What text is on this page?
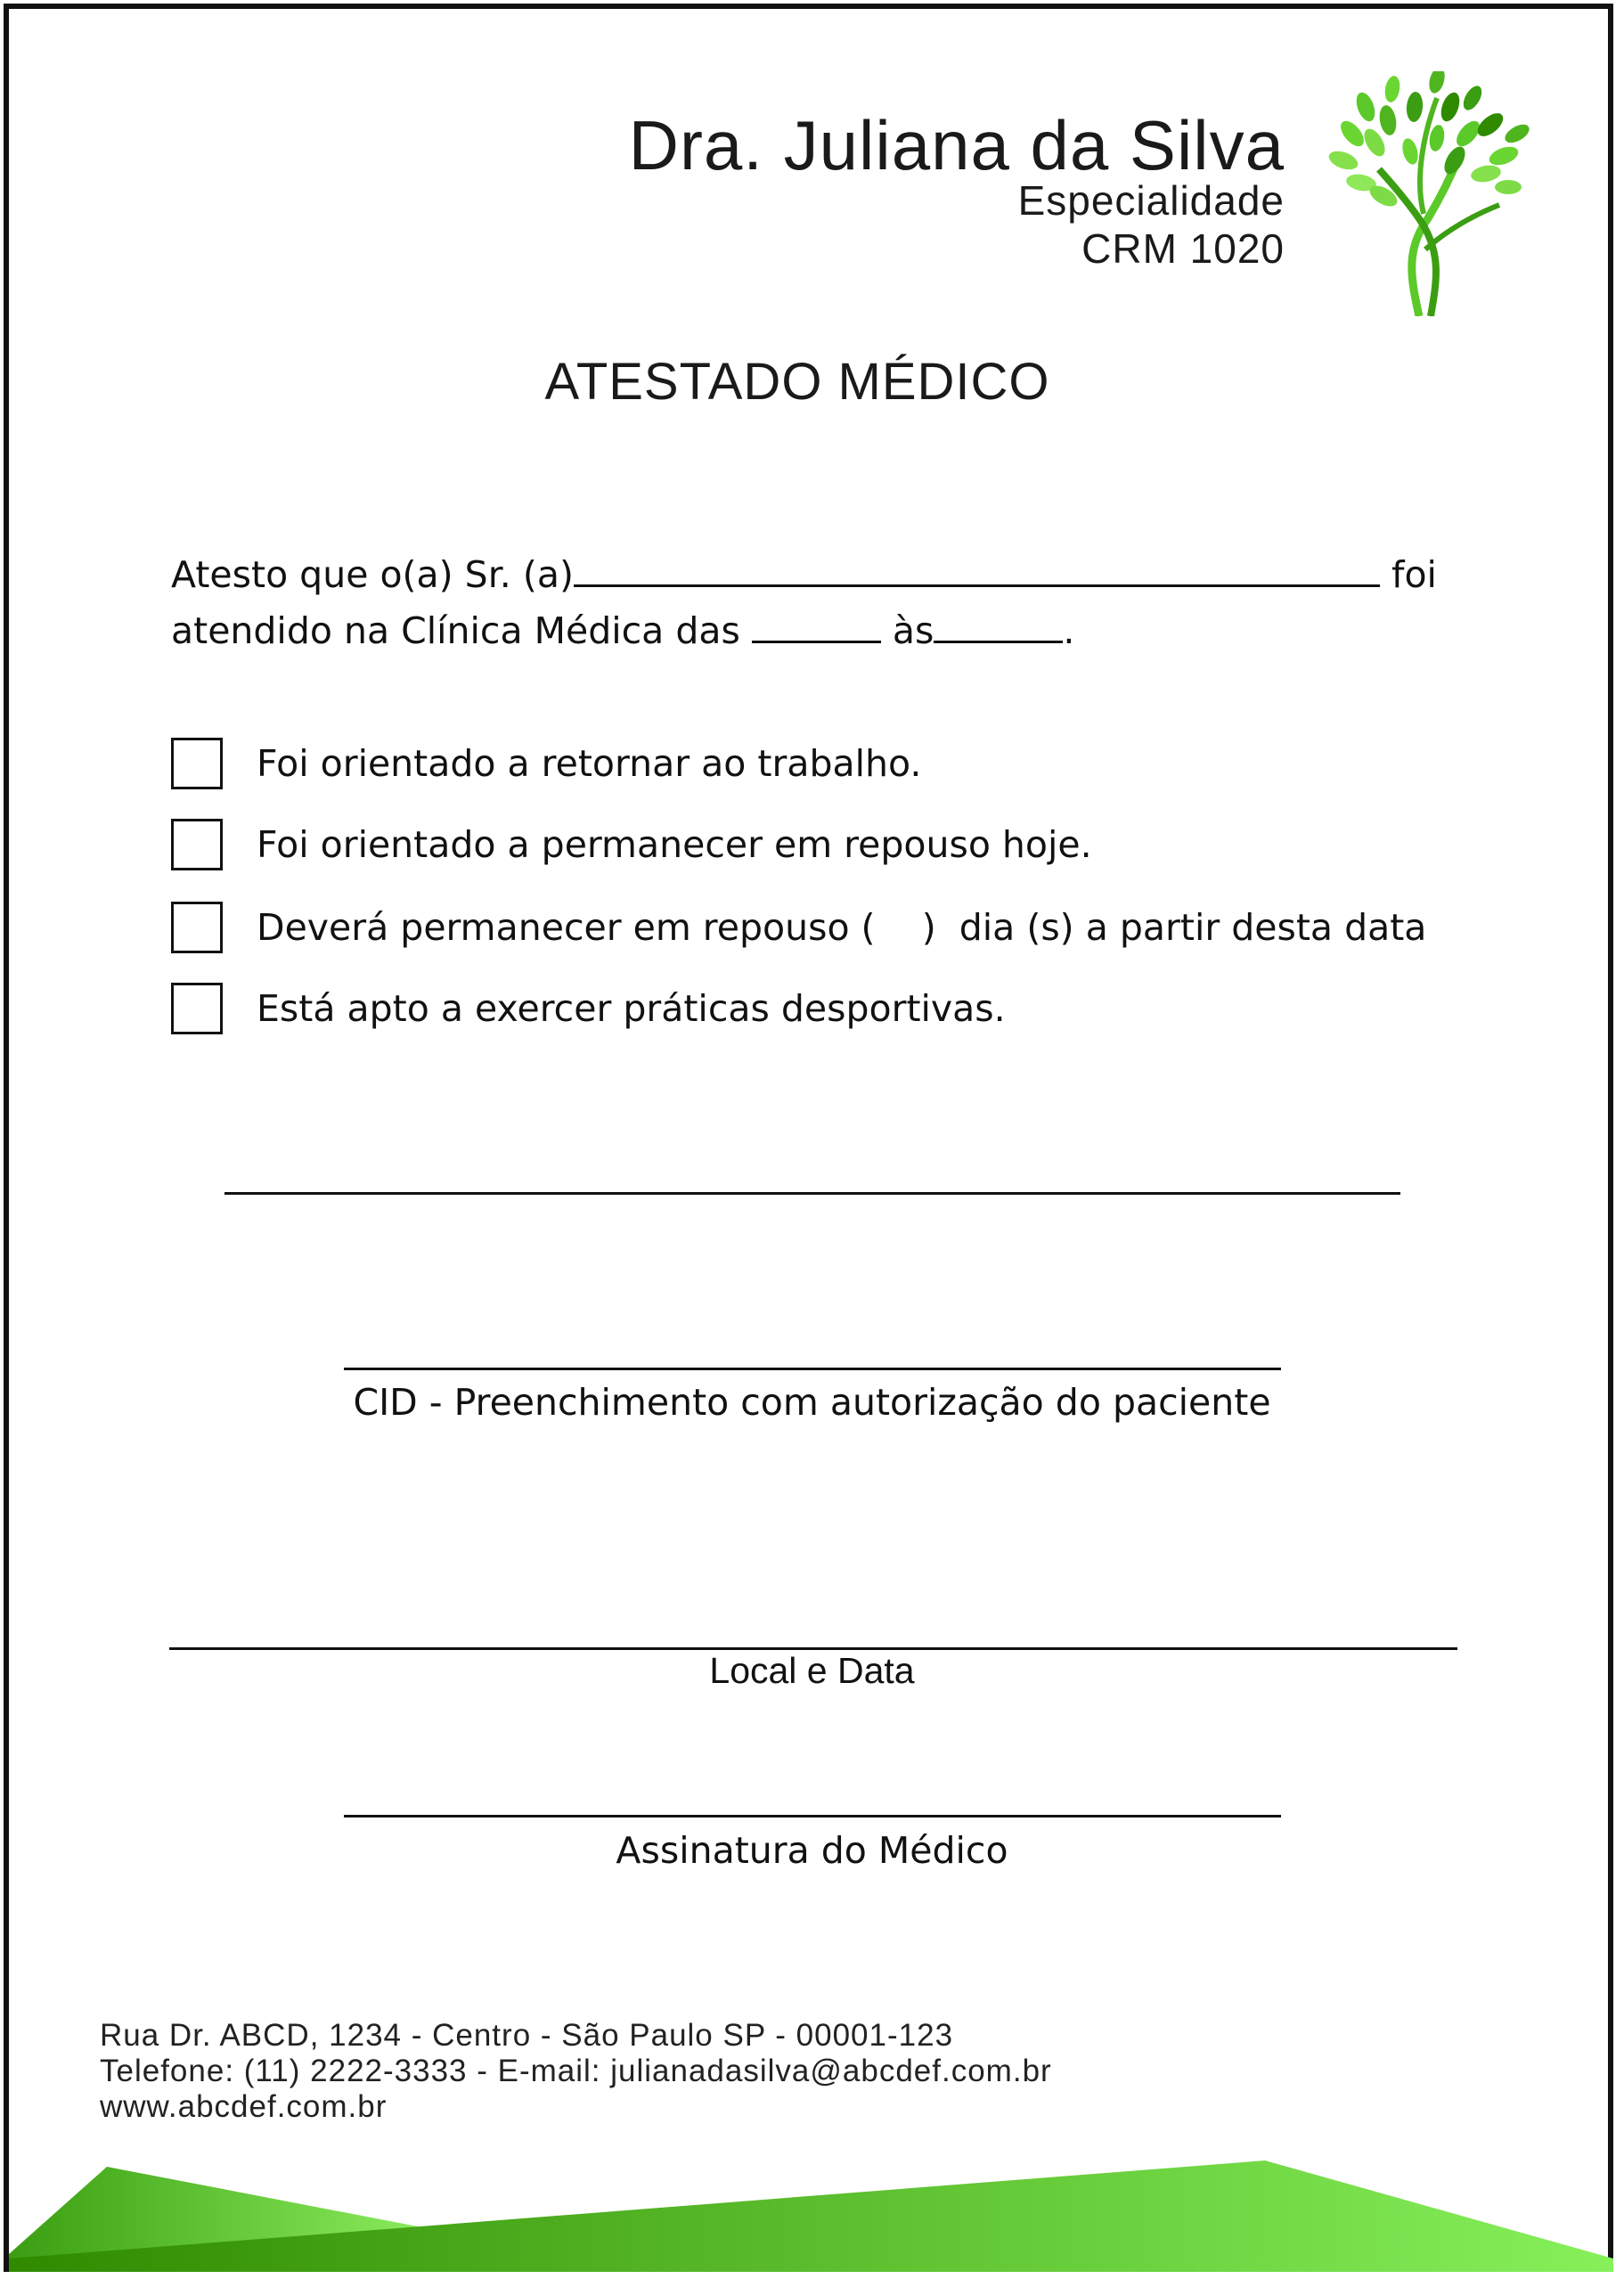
Dra. Juliana da Silva
Especialidade
CRM 1020
ATESTADO MÉDICO
Atesto que o(a) Sr. (a)	foi
atendido na Clínica Médica das	às	.
Foi orientado a retornar ao trabalho.
Foi orientado a permanecer em repouso hoje.
Deverá permanecer em repouso (    )  dia (s) a partir desta data
Está apto a exercer práticas desportivas.
CID - Preenchimento com autorização do paciente
Local e Data
Assinatura do Médico
Rua Dr. ABCD, 1234 - Centro - São Paulo SP - 00001-123
Telefone: (11) 2222-3333 - E-mail: julianadasilva@abcdef.com.br
www.abcdef.com.br
